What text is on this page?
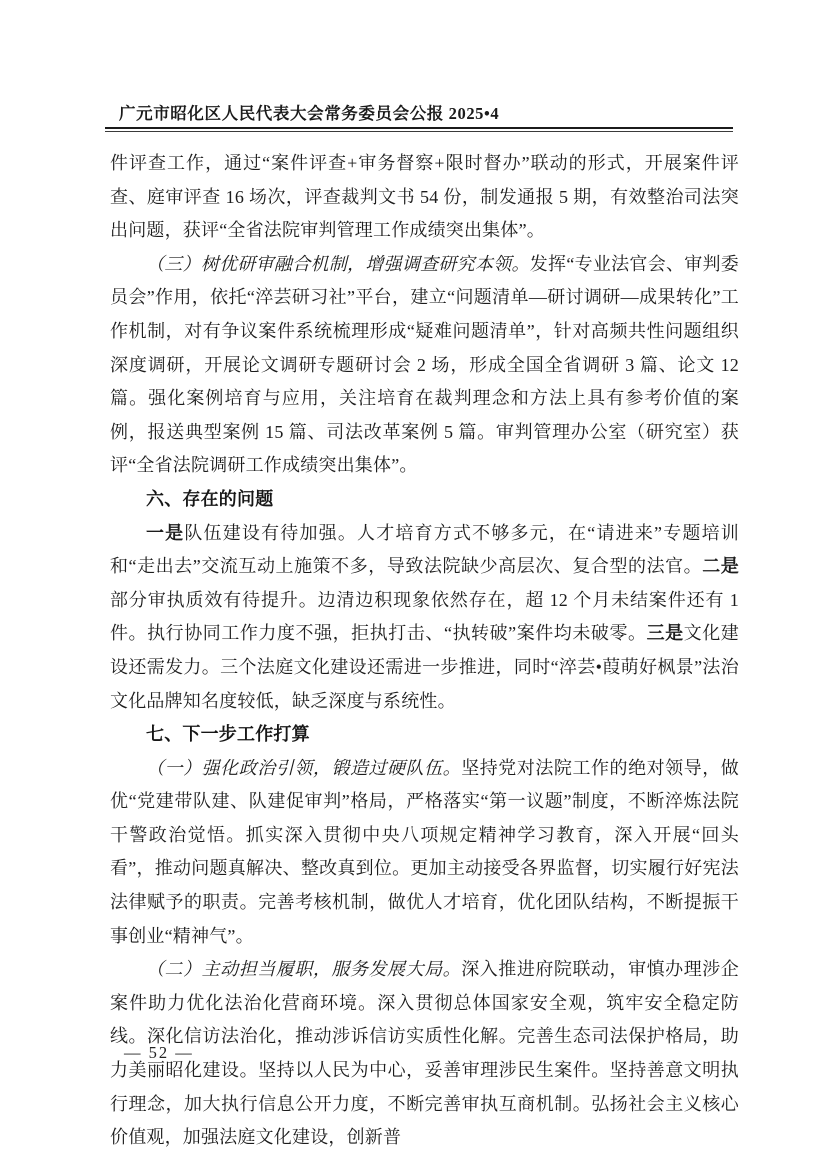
广元市昭化区人民代表大会常务委员会公报 2025•4

件评查工作，通过“案件评查+审务督察+限时督办”联动的形式，开展案件评查、庭审评查 16 场次，评查裁判文书 54 份，制发通报 5 期，有效整治司法突出问题，获评“全省法院审判管理工作成绩突出集体”。

（三）树优研审融合机制，增强调查研究本领。发挥“专业法官会、审判委员会”作用，依托“淬芸研习社”平台，建立“问题清单—研讨调研—成果转化”工作机制，对有争议案件系统梳理形成“疑难问题清单”，针对高频共性问题组织深度调研，开展论文调研专题研讨会 2 场，形成全国全省调研 3 篇、论文 12 篇。强化案例培育与应用，关注培育在裁判理念和方法上具有参考价值的案例，报送典型案例 15 篇、司法改革案例 5 篇。审判管理办公室（研究室）获评“全省法院调研工作成绩突出集体”。

六、存在的问题

一是队伍建设有待加强。人才培育方式不够多元，在“请进来”专题培训和“走出去”交流互动上施策不多，导致法院缺少高层次、复合型的法官。二是部分审执质效有待提升。边清边积现象依然存在，超 12 个月未结案件还有 1 件。执行协同工作力度不强，拒执打击、“执转破”案件均未破零。三是文化建设还需发力。三个法庭文化建设还需进一步推进，同时“淬芸•葭萌好枫景”法治文化品牌知名度较低，缺乏深度与系统性。

七、下一步工作打算

（一）强化政治引领，锻造过硬队伍。坚持党对法院工作的绝对领导，做优“党建带队建、队建促审判”格局，严格落实“第一议题”制度，不断淬炼法院干警政治觉悟。抓实深入贯彻中央八项规定精神学习教育，深入开展“回头看”，推动问题真解决、整改真到位。更加主动接受各界监督，切实履行好宪法法律赋予的职责。完善考核机制，做优人才培育，优化团队结构，不断提振干事创业“精神气”。

（二）主动担当履职，服务发展大局。深入推进府院联动，审慎办理涉企案件助力优化法治化营商环境。深入贯彻总体国家安全观，筑牢安全稳定防线。深化信访法治化，推动涉诉信访实质性化解。完善生态司法保护格局，助力美丽昭化建设。坚持以人民为中心，妥善审理涉民生案件。坚持善意文明执行理念，加大执行信息公开力度，不断完善审执互商机制。弘扬社会主义核心价值观，加强法庭文化建设，创新普

— 52 —
